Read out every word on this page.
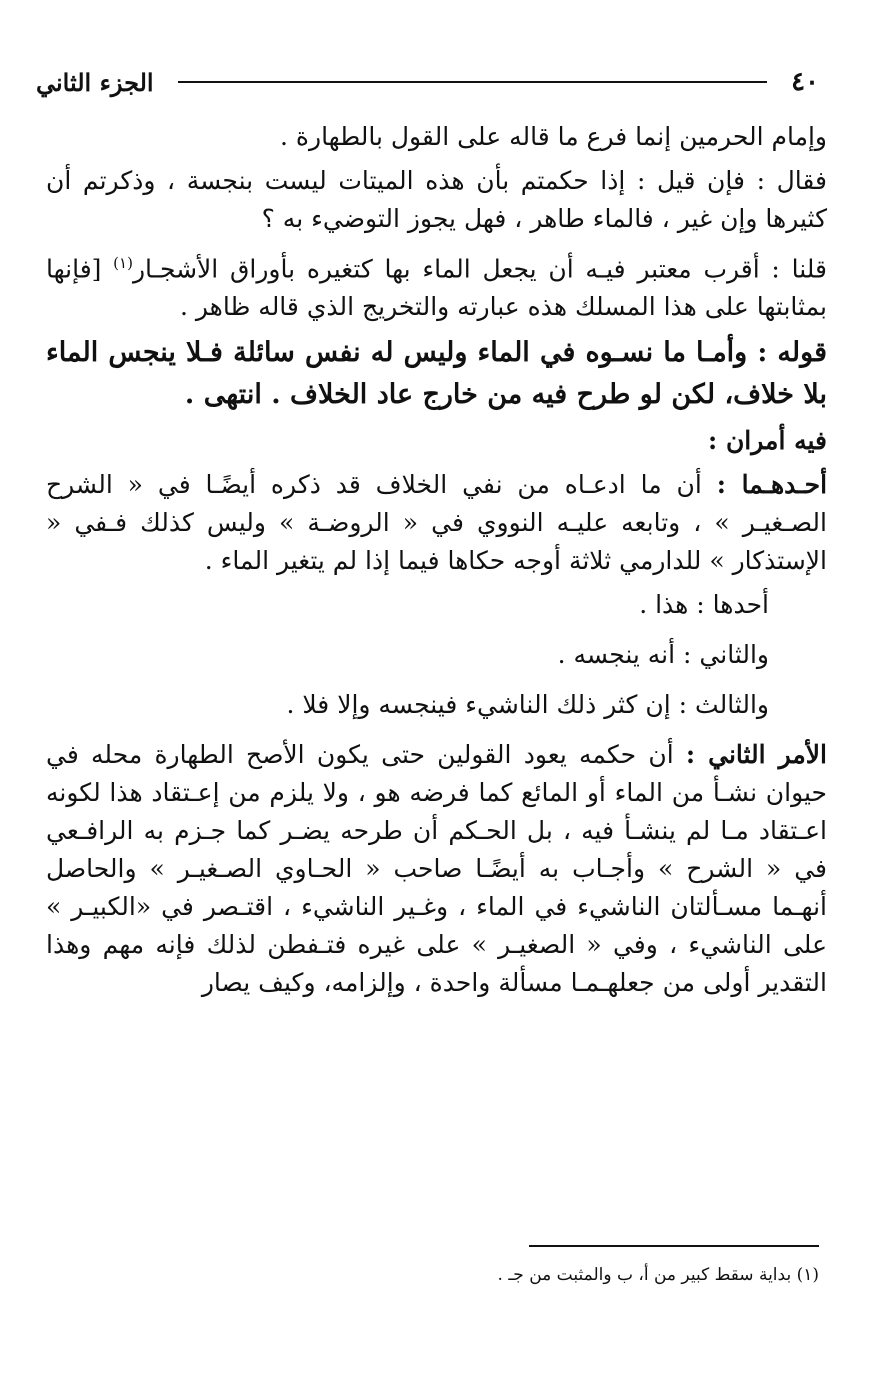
٤٠
الجزء الثاني

وإمام الحرمين إنما فرع ما قاله على القول بالطهارة .

فقال : فإن قيل : إذا حكمتم بأن هذه الميتات ليست بنجسة ، وذكرتم أن كثيرها وإن غير ، فالماء طاهر ، فهل يجوز التوضيء به ؟

قلنا : أقرب معتبر فيـه أن يجعل الماء بها كتغيره بأوراق الأشجـار$^{(١)}$ [فإنها بمثابتها على هذا المسلك هذه عبارته والتخريج الذي قاله ظاهر .

قوله : وأمـا ما نسـوه في الماء وليس له نفس سائلة فـلا ينجس الماء بلا خلاف، لكن لو طرح فيه من خارج عاد الخلاف . انتهى .

فيه أمران :

أحـدهـما : أن ما ادعـاه من نفي الخلاف قد ذكره أيضًـا في « الشرح الصـغيـر » ، وتابعه عليـه النووي في « الروضـة » وليس كذلك فـفي « الإستذكار » للدارمي ثلاثة أوجه حكاها فيما إذا لم يتغير الماء .

أحدها : هذا .

والثاني : أنه ينجسه .

والثالث : إن كثر ذلك الناشيء فينجسه وإلا فلا .

الأمر الثاني : أن حكمه يعود القولين حتى يكون الأصح الطهارة محله في حيوان نشـأ من الماء أو المائع كما فرضه هو ، ولا يلزم من إعـتقاد هذا لكونه اعـتقاد مـا لم ينشـأ فيه ، بل الحـكم أن طرحه يضـر كما جـزم به الرافـعي في « الشرح » وأجـاب به أيضًـا صاحب « الحـاوي الصـغيـر » والحاصل أنهـما مسـألتان الناشيء في الماء ، وغـير الناشيء ، اقتـصر في «الكبيـر » على الناشيء ، وفي « الصغيـر » على غيره فتـفطن لذلك فإنه مهم وهذا التقدير أولى من جعلهـمـا مسألة واحدة ، وإلزامه، وكيف يصار

(١) بداية سقط كبير من أ، ب والمثبت من جـ .
